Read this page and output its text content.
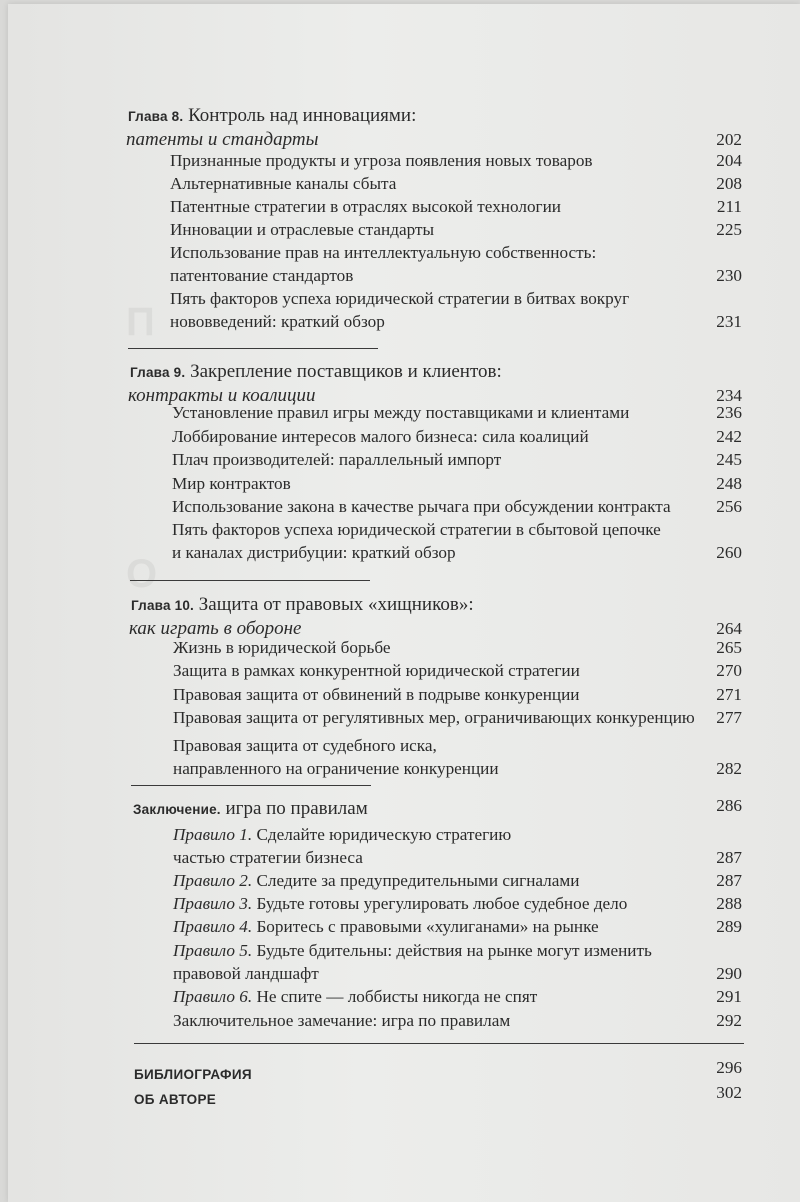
П
О
Глава 8. Контроль над инновациями:
патенты и стандарты	202
Признанные продукты и угроза появления новых товаров	204
Альтернативные каналы сбыта	208
Патентные стратегии в отраслях высокой технологии	211
Инновации и отраслевые стандарты	225
Использование прав на интеллектуальную собственность:
патентование стандартов	230
Пять факторов успеха юридической стратегии в битвах вокруг
нововведений: краткий обзор	231
Глава 9. Закрепление поставщиков и клиентов:
контракты и коалиции	234
Установление правил игры между поставщиками и клиентами	236
Лоббирование интересов малого бизнеса: сила коалиций	242
Плач производителей: параллельный импорт	245
Мир контрактов	248
Использование закона в качестве рычага при обсуждении контракта	256
Пять факторов успеха юридической стратегии в сбытовой цепочке
и каналах дистрибуции: краткий обзор	260
Глава 10. Защита от правовых «хищников»:
как играть в обороне	264
Жизнь в юридической борьбе	265
Защита в рамках конкурентной юридической стратегии	270
Правовая защита от обвинений в подрыве конкуренции	271
Правовая защита от регулятивных мер, ограничивающих конкуренцию	277
Правовая защита от судебного иска,
направленного на ограничение конкуренции	282
Заключение. игра по правилам	286
Правило 1. Сделайте юридическую стратегию
частью стратегии бизнеса	287
Правило 2. Следите за предупредительными сигналами	287
Правило 3. Будьте готовы урегулировать любое судебное дело	288
Правило 4. Боритесь с правовыми «хулиганами» на рынке	289
Правило 5. Будьте бдительны: действия на рынке могут изменить
правовой ландшафт	290
Правило 6. Не спите — лоббисты никогда не спят	291
Заключительное замечание: игра по правилам	292
БИБЛИОГРАФИЯ	296
ОБ АВТОРЕ	302
